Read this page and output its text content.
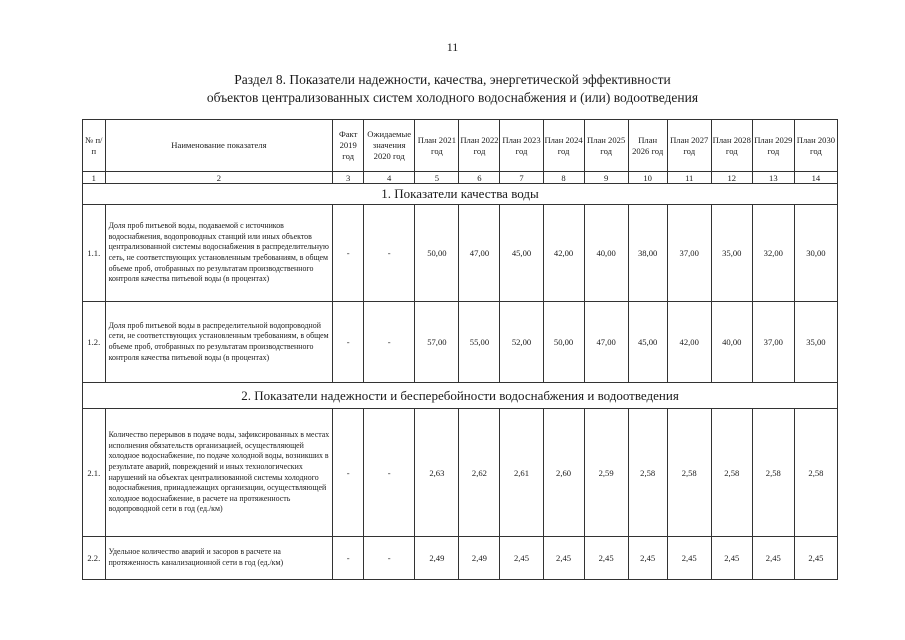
11
Раздел 8. Показатели надежности, качества, энергетической эффективности
объектов централизованных систем холодного водоснабжения и (или) водоотведения
№ п/п	Наименование показателя	Факт 2019 год	Ожидаемые значения 2020 год	План 2021 год	План 2022 год	План 2023 год	План 2024 год	План 2025 год	План 2026 год	План 2027 год	План 2028 год	План 2029 год	План 2030 год
1	2	3	4	5	6	7	8	9	10	11	12	13	14
1. Показатели качества воды													
1.1.	Доля проб питьевой воды, подаваемой с источников водоснабжения, водопроводных станций или иных объектов централизованной системы водоснабжения в распределительную сеть, не соответствующих установленным требованиям, в общем объеме проб, отобранных по результатам производственного контроля качества питьевой воды (в процентах)	-	-	50,00	47,00	45,00	42,00	40,00	38,00	37,00	35,00	32,00	30,00
1.2.	Доля проб питьевой воды в распределительной водопроводной сети, не соответствующих установленным требованиям, в общем объеме проб, отобранных по результатам производственного контроля качества питьевой воды (в процентах)	-	-	57,00	55,00	52,00	50,00	47,00	45,00	42,00	40,00	37,00	35,00
2. Показатели надежности и бесперебойности водоснабжения и водоотведения													
2.1.	Количество перерывов в подаче воды, зафиксированных в местах исполнения обязательств организацией, осуществляющей холодное водоснабжение, по подаче холодной воды, возникших в результате аварий, повреждений и иных технологических нарушений на объектах централизованной системы холодного водоснабжения, принадлежащих организации, осуществляющей холодное водоснабжение, в расчете на протяженность водопроводной сети в год (ед./км)	-	-	2,63	2,62	2,61	2,60	2,59	2,58	2,58	2,58	2,58	2,58
2.2.	Удельное количество аварий и засоров в расчете на протяженность канализационной сети в год (ед./км)	-	-	2,49	2,49	2,45	2,45	2,45	2,45	2,45	2,45	2,45	2,45
